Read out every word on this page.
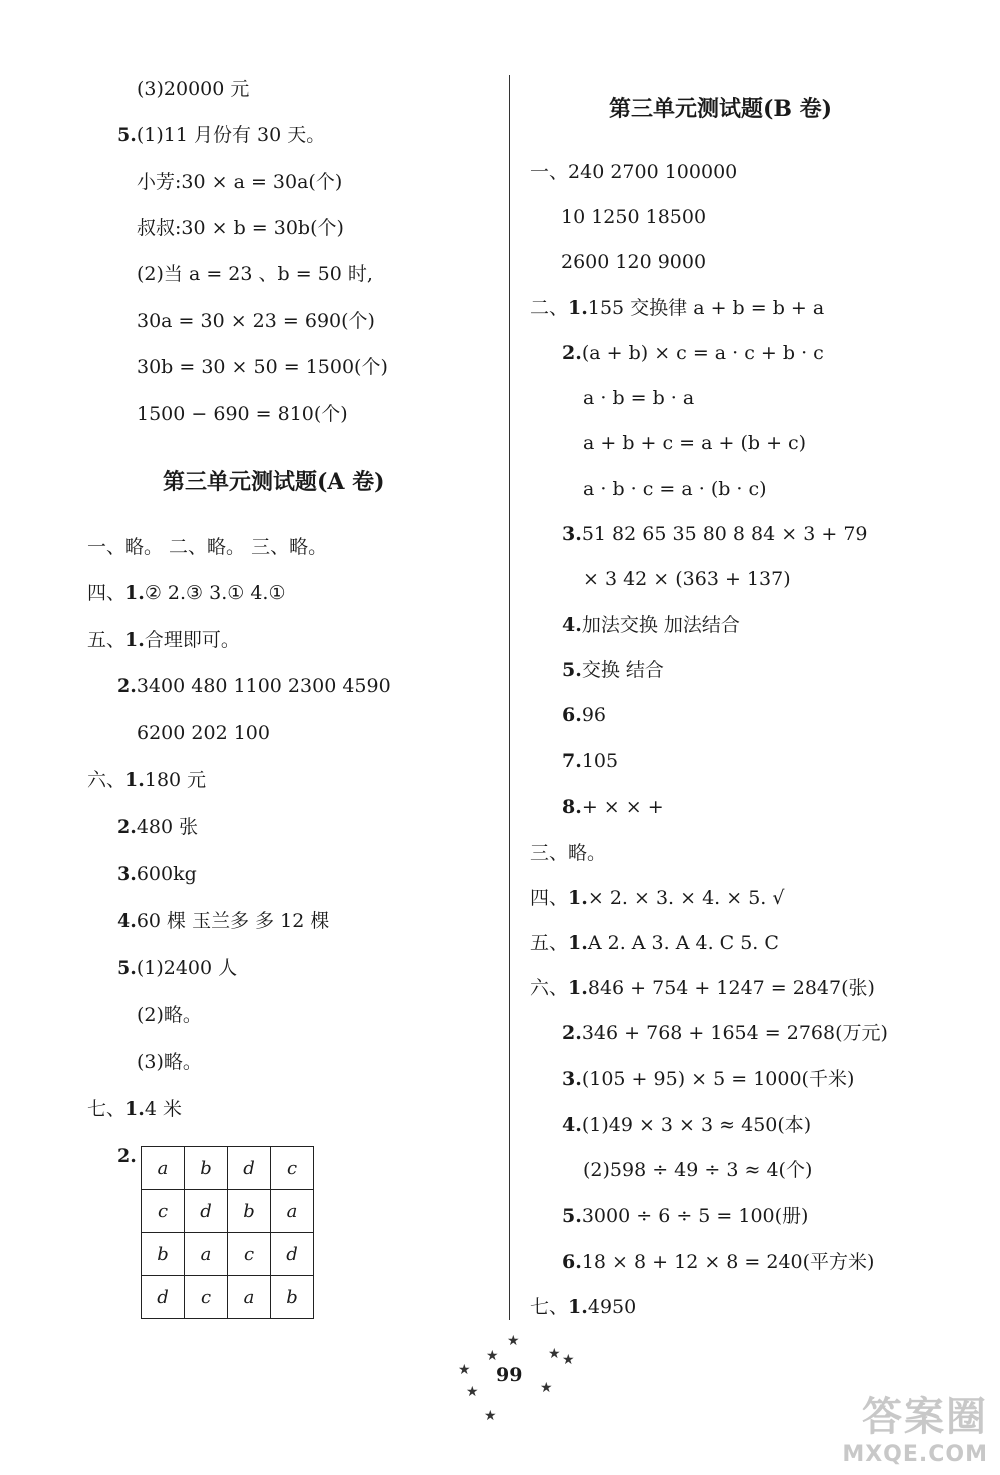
(3)20000 元
5.(1)11 月份有 30 天。
小芳:30 × a = 30a(个)
叔叔:30 × b = 30b(个)
(2)当 a = 23 、b = 50 时,
30a = 30 × 23 = 690(个)
30b = 30 × 50 = 1500(个)
1500 − 690 = 810(个)
一、略。 二、略。 三、略。
四、1.② 2.③ 3.① 4.①
五、1.合理即可。
2.3400 480 1100 2300 4590
6200 202 100
六、1.180 元
2.480 张
3.600kg
4.60 棵 玉兰多 多 12 棵
5.(1)2400 人
(2)略。
(3)略。
七、1.4 米
2.
一、240 2700 100000
10 1250 18500
2600 120 9000
二、1.155 交换律 a + b = b + a
2.(a + b) × c = a · c + b · c
a · b = b · a
a + b + c = a + (b + c)
a · b · c = a · (b · c)
3.51 82 65 35 80 8 84 × 3 + 79
× 3 42 × (363 + 137)
4.加法交换 加法结合
5.交换 结合
6.96
7.105
8.+ × × +
三、略。
四、1.× 2. × 3. × 4. × 5. √
五、1.A 2. A 3. A 4. C 5. C
六、1.846 + 754 + 1247 = 2847(张)
2.346 + 768 + 1654 = 2768(万元)
3.(105 + 95) × 5 = 1000(千米)
4.(1)49 × 3 × 3 ≈ 450(本)
(2)598 ÷ 49 ÷ 3 ≈ 4(个)
5.3000 ÷ 6 ÷ 5 = 100(册)
6.18 × 8 + 12 × 8 = 240(平方米)
七、1.4950
第三单元测试题(A 卷)
第三单元测试题(B 卷)
a	b	d	c
c	d	b	a
b	a	c	d
d	c	a	b
★
★	★ ★
★
★	★
★
99
答案圈
MXQE.COM
